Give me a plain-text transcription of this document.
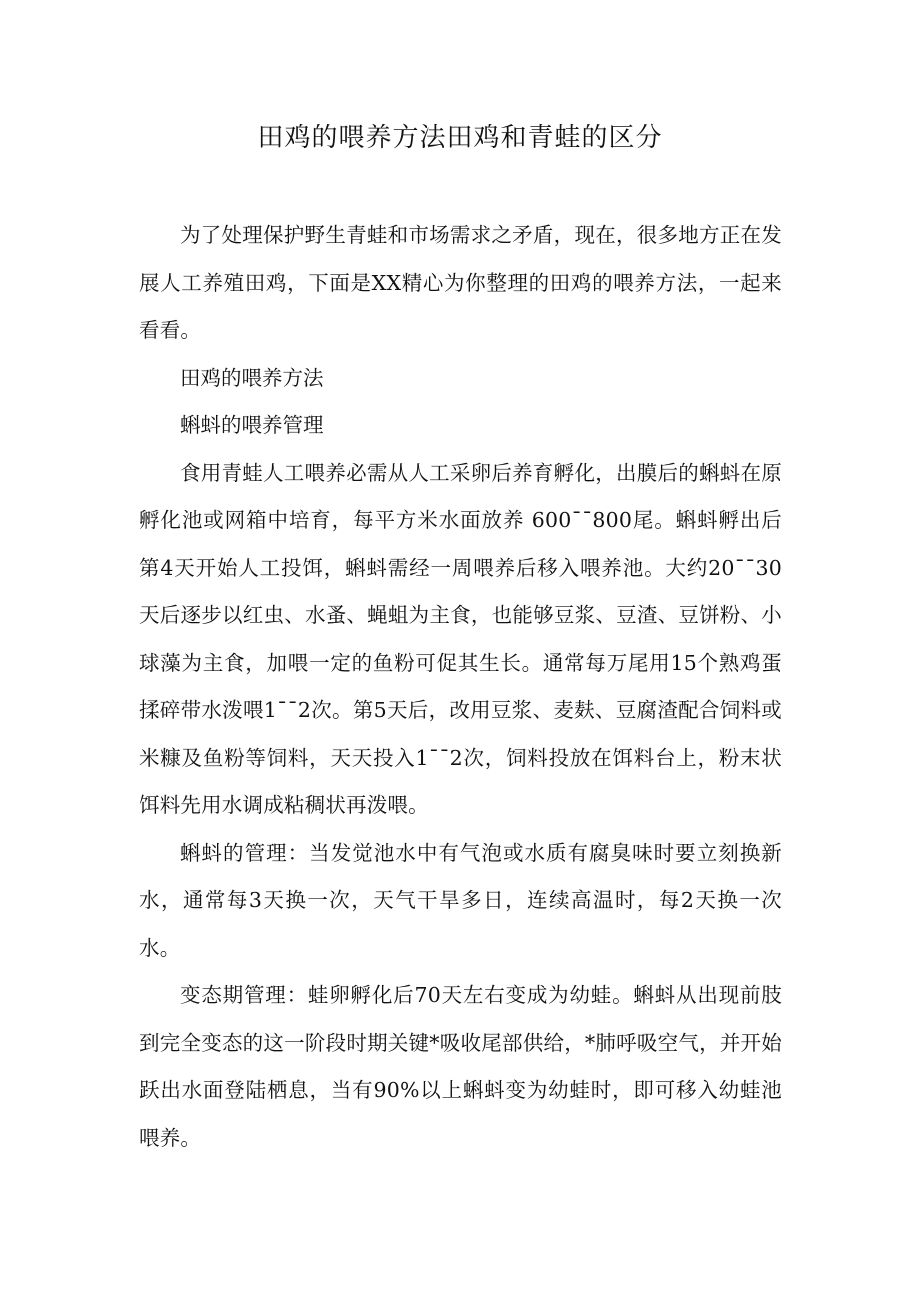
田鸡的喂养方法田鸡和青蛙的区分

为了处理保护野生青蛙和市场需求之矛盾，现在，很多地方正在发展人工养殖田鸡，下面是XX精心为你整理的田鸡的喂养方法，一起来看看。

田鸡的喂养方法

蝌蚪的喂养管理

食用青蛙人工喂养必需从人工采卵后养育孵化，出膜后的蝌蚪在原孵化池或网箱中培育，每平方米水面放养 600¯¯800尾。蝌蚪孵出后第4天开始人工投饵，蝌蚪需经一周喂养后移入喂养池。大约20¯¯30天后逐步以红虫、水蚤、蝇蛆为主食，也能够豆浆、豆渣、豆饼粉、小球藻为主食，加喂一定的鱼粉可促其生长。通常每万尾用15个熟鸡蛋揉碎带水泼喂1¯¯2次。第5天后，改用豆浆、麦麸、豆腐渣配合饲料或米糠及鱼粉等饲料，天天投入1¯¯2次，饲料投放在饵料台上，粉末状饵料先用水调成粘稠状再泼喂。

蝌蚪的管理：当发觉池水中有气泡或水质有腐臭味时要立刻换新水，通常每3天换一次，天气干旱多日，连续高温时，每2天换一次水。

变态期管理：蛙卵孵化后70天左右变成为幼蛙。蝌蚪从出现前肢到完全变态的这一阶段时期关键*吸收尾部供给，*肺呼吸空气，并开始跃出水面登陆栖息，当有90%以上蝌蚪变为幼蛙时，即可移入幼蛙池喂养。
